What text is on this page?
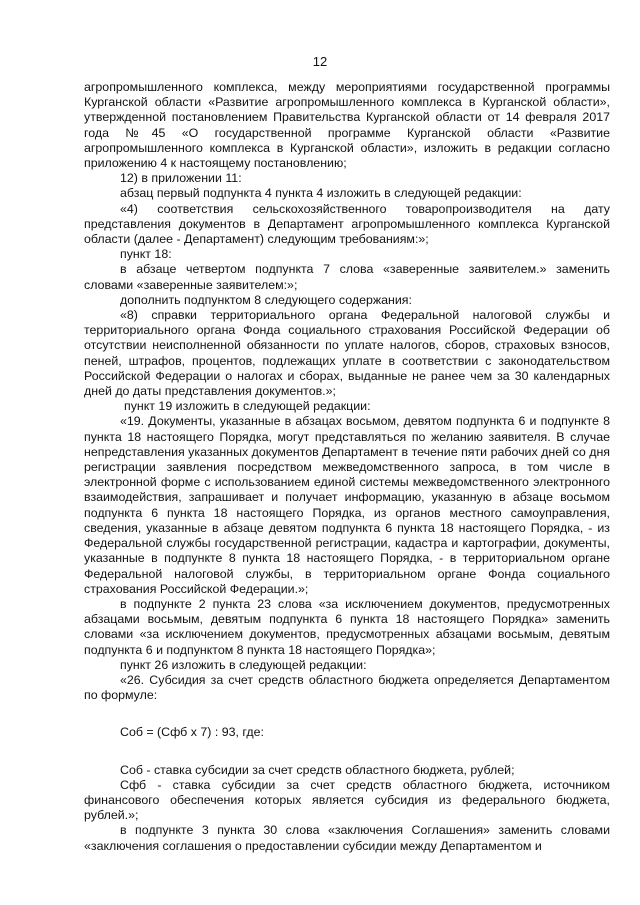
12

агропромышленного комплекса, между мероприятиями государственной программы Курганской области «Развитие агропромышленного комплекса в Курганской области», утвержденной постановлением Правительства Курганской области от 14 февраля 2017 года №45 «О государственной программе Курганской области «Развитие агропромышленного комплекса в Курганской области», изложить в редакции согласно приложению 4 к настоящему постановлению;

12) в приложении 11:

абзац первый подпункта 4 пункта 4 изложить в следующей редакции:

«4) соответствия сельскохозяйственного товаропроизводителя на дату представления документов в Департамент агропромышленного комплекса Курганской области (далее - Департамент) следующим требованиям:»;

пункт 18:

в абзаце четвертом подпункта 7 слова «заверенные заявителем.» заменить словами «заверенные заявителем:»;

дополнить подпунктом 8 следующего содержания:

«8) справки территориального органа Федеральной налоговой службы и территориального органа Фонда социального страхования Российской Федерации об отсутствии неисполненной обязанности по уплате налогов, сборов, страховых взносов, пеней, штрафов, процентов, подлежащих уплате в соответствии с законодательством Российской Федерации о налогах и сборах, выданные не ранее чем за 30 календарных дней до даты представления документов.»;

пункт 19 изложить в следующей редакции:

«19. Документы, указанные в абзацах восьмом, девятом подпункта 6 и подпункте 8 пункта 18 настоящего Порядка, могут представляться по желанию заявителя. В случае непредставления указанных документов Департамент в течение пяти рабочих дней со дня регистрации заявления посредством межведомственного запроса, в том числе в электронной форме с использованием единой системы межведомственного электронного взаимодействия, запрашивает и получает информацию, указанную в абзаце восьмом подпункта 6 пункта 18 настоящего Порядка, из органов местного самоуправления, сведения, указанные в абзаце девятом подпункта 6 пункта 18 настоящего Порядка, - из Федеральной службы государственной регистрации, кадастра и картографии, документы, указанные в подпункте 8 пункта 18 настоящего Порядка, - в территориальном органе Федеральной налоговой службы, в территориальном органе Фонда социального страхования Российской Федерации.»;

в подпункте 2 пункта 23 слова «за исключением документов, предусмотренных абзацами восьмым, девятым подпункта 6 пункта 18 настоящего Порядка» заменить словами «за исключением документов, предусмотренных абзацами восьмым, девятым подпункта 6 и подпунктом 8 пункта 18 настоящего Порядка»;

пункт 26 изложить в следующей редакции:

«26. Субсидия за счет средств областного бюджета определяется Департаментом по формуле:

Соб = (Сфб х 7) : 93, где:

Соб - ставка субсидии за счет средств областного бюджета, рублей;

Сфб - ставка субсидии за счет средств областного бюджета, источником финансового обеспечения которых является субсидия из федерального бюджета, рублей.»;

в подпункте 3 пункта 30 слова «заключения Соглашения» заменить словами «заключения соглашения о предоставлении субсидии между Департаментом и
